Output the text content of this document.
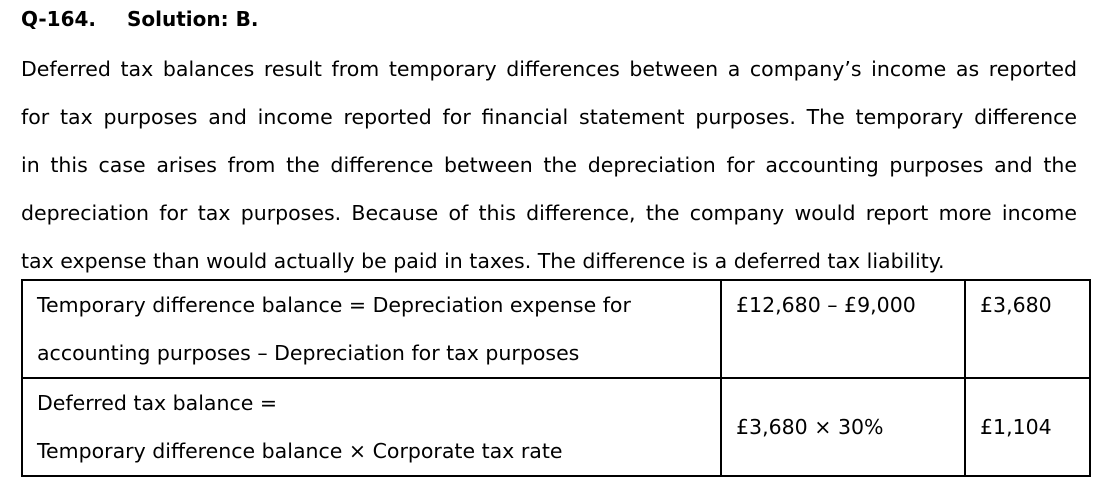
Q-164. Solution: B.
Deferred tax balances result from temporary differences between a company’s income as reported
for tax purposes and income reported for financial statement purposes. The temporary difference
in this case arises from the difference between the depreciation for accounting purposes and the
depreciation for tax purposes. Because of this difference, the company would report more income
tax expense than would actually be paid in taxes. The difference is a deferred tax liability.
Temporary difference balance = Depreciation expense for
accounting purposes – Depreciation for tax purposes	£12,680 – £9,000	£3,680

Deferred tax balance =
Temporary difference balance × Corporate tax rate	£3,680 × 30%	£1,104
